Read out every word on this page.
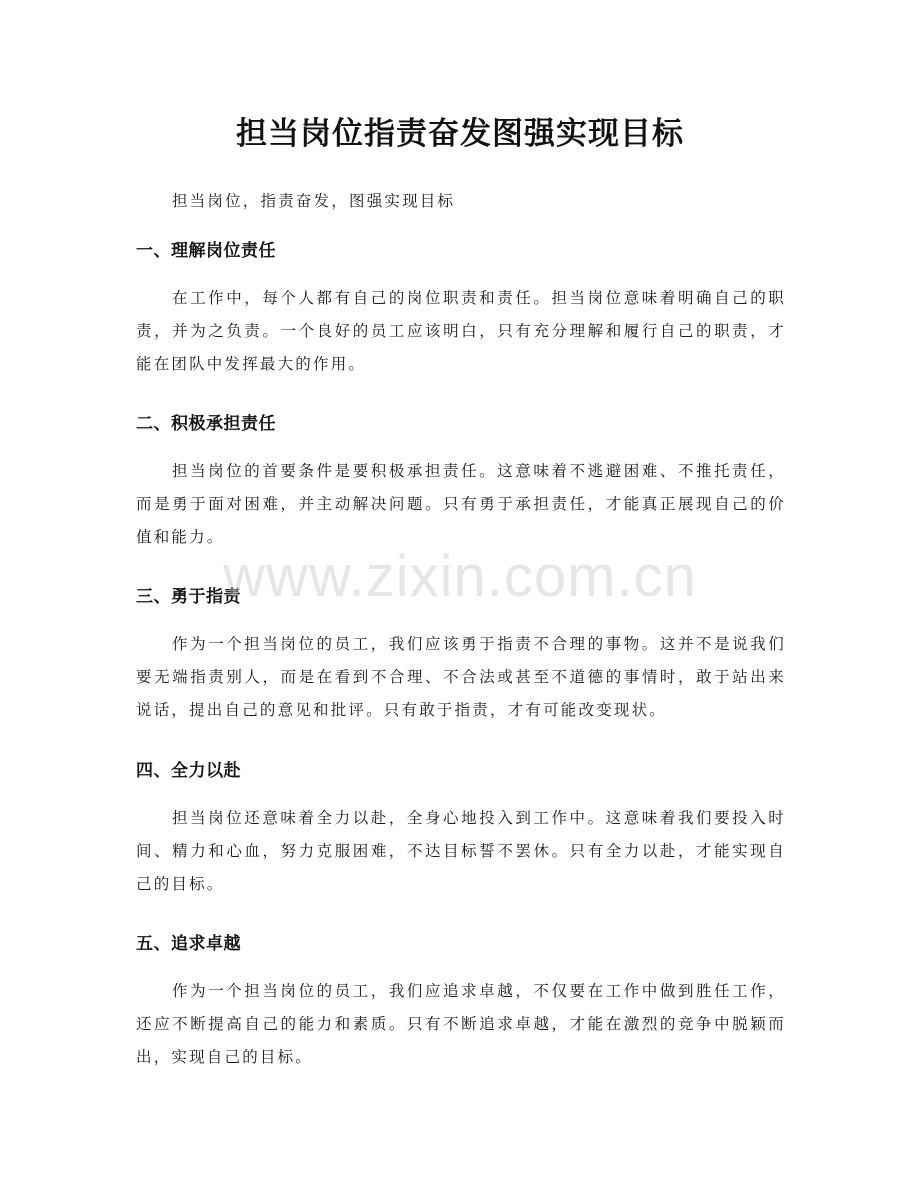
担当岗位指责奋发图强实现目标

担当岗位，指责奋发，图强实现目标

一、理解岗位责任

在工作中，每个人都有自己的岗位职责和责任。担当岗位意味着明确自己的职责，并为之负责。一个良好的员工应该明白，只有充分理解和履行自己的职责，才能在团队中发挥最大的作用。

二、积极承担责任

担当岗位的首要条件是要积极承担责任。这意味着不逃避困难、不推托责任，而是勇于面对困难，并主动解决问题。只有勇于承担责任，才能真正展现自己的价值和能力。

三、勇于指责

作为一个担当岗位的员工，我们应该勇于指责不合理的事物。这并不是说我们要无端指责别人，而是在看到不合理、不合法或甚至不道德的事情时，敢于站出来说话，提出自己的意见和批评。只有敢于指责，才有可能改变现状。

四、全力以赴

担当岗位还意味着全力以赴，全身心地投入到工作中。这意味着我们要投入时间、精力和心血，努力克服困难，不达目标誓不罢休。只有全力以赴，才能实现自己的目标。

五、追求卓越

作为一个担当岗位的员工，我们应追求卓越，不仅要在工作中做到胜任工作，还应不断提高自己的能力和素质。只有不断追求卓越，才能在激烈的竞争中脱颖而出，实现自己的目标。

www.zixin.com.cn
